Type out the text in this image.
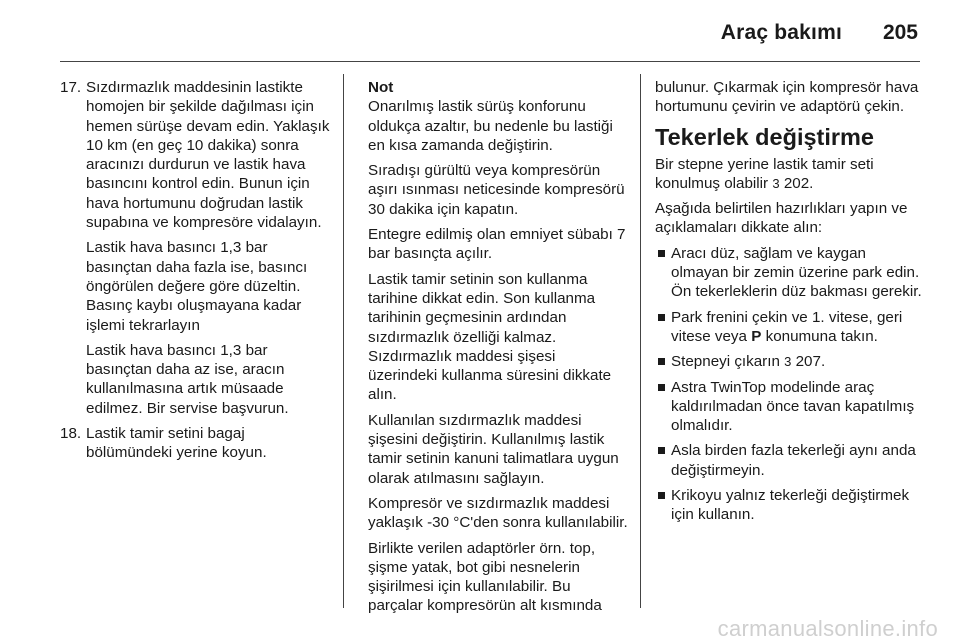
Araç bakımı 205
17. Sızdırmazlık maddesinin lastikte homojen bir şekilde dağılması için hemen sürüşe devam edin. Yaklaşık 10 km (en geç 10 dakika) sonra aracınızı durdurun ve lastik hava basıncını kontrol edin. Bunun için hava hortumunu doğrudan lastik supabına ve kompresöre vidalayın.
Lastik hava basıncı 1,3 bar basınçtan daha fazla ise, basıncı öngörülen değere göre düzeltin. Basınç kaybı oluşmayana kadar işlemi tekrarlayın
Lastik hava basıncı 1,3 bar basınçtan daha az ise, aracın kullanılmasına artık müsaade edilmez. Bir servise başvurun.
18. Lastik tamir setini bagaj bölümündeki yerine koyun.

Not
Onarılmış lastik sürüş konforunu oldukça azaltır, bu nedenle bu lastiği en kısa zamanda değiştirin.

Sıradışı gürültü veya kompresörün aşırı ısınması neticesinde kompresörü 30 dakika için kapatın.

Entegre edilmiş olan emniyet sübabı 7 bar basınçta açılır.

Lastik tamir setinin son kullanma tarihine dikkat edin. Son kullanma tarihinin geçmesinin ardından sızdırmazlık özelliği kalmaz. Sızdırmazlık maddesi şişesi üzerindeki kullanma süresini dikkate alın.

Kullanılan sızdırmazlık maddesi şişesini değiştirin. Kullanılmış lastik tamir setinin kanuni talimatlara uygun olarak atılmasını sağlayın.

Kompresör ve sızdırmazlık maddesi yaklaşık -30 °C'den sonra kullanılabilir.

Birlikte verilen adaptörler örn. top, şişme yatak, bot gibi nesnelerin şişirilmesi için kullanılabilir. Bu parçalar kompresörün alt kısmında

bulunur. Çıkarmak için kompresör hava hortumunu çevirin ve adaptörü çekin.

Tekerlek değiştirme

Bir stepne yerine lastik tamir seti konulmuş olabilir 3 202.

Aşağıda belirtilen hazırlıkları yapın ve açıklamaları dikkate alın:

Aracı düz, sağlam ve kaygan olmayan bir zemin üzerine park edin. Ön tekerleklerin düz bakması gerekir.
Park frenini çekin ve 1. vitese, geri vitese veya P konumuna takın.
Stepneyi çıkarın 3 207.
Astra TwinTop modelinde araç kaldırılmadan önce tavan kapatılmış olmalıdır.
Asla birden fazla tekerleği aynı anda değiştirmeyin.
Krikoyu yalnız tekerleği değiştirmek için kullanın.
carmanualsonline.info
